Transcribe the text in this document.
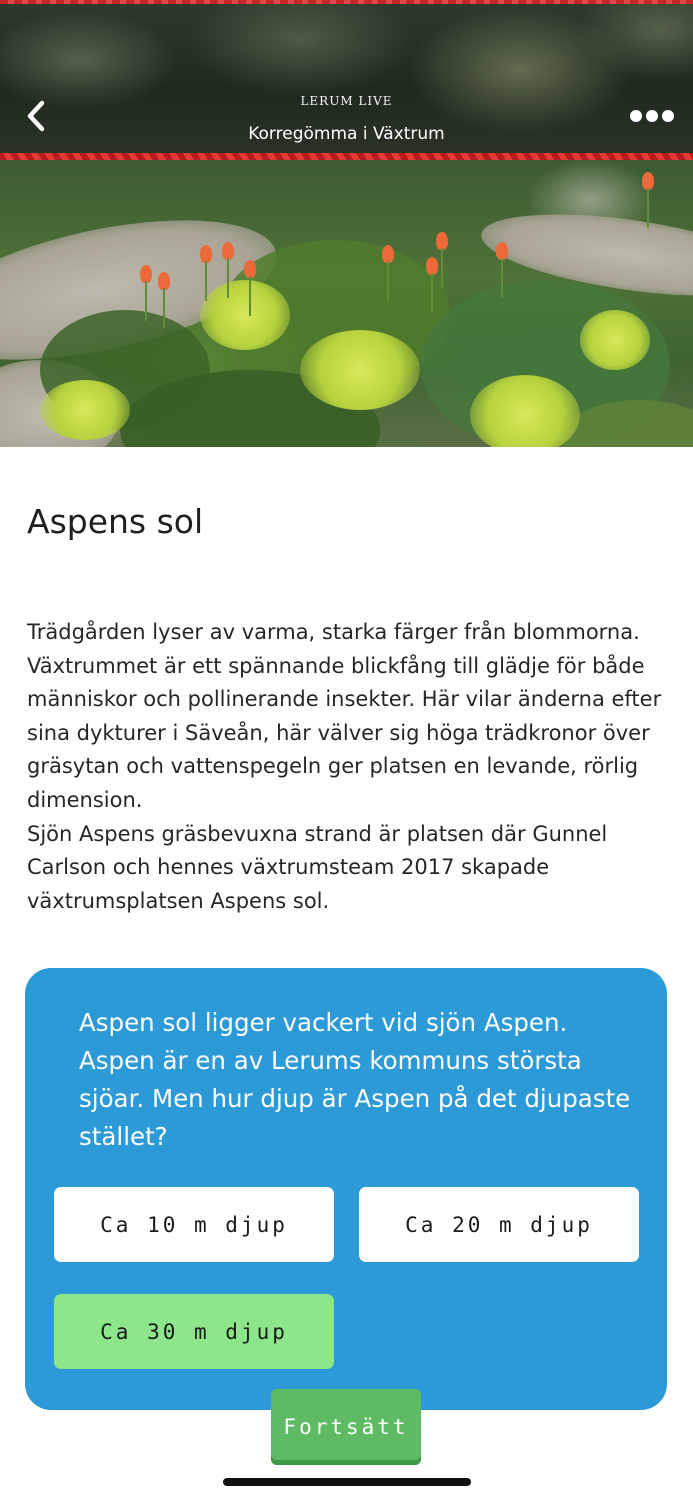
LERUM LIVE
Korregömma i Växtrum
Aspens sol

Trädgården lyser av varma, starka färger från blommorna. Växtrummet är ett spännande blickfång till glädje för både människor och pollinerande insekter. Här vilar änderna efter sina dykturer i Säveån, här välver sig höga trädkronor över gräsytan och vattenspegeln ger platsen en levande, rörlig dimension.

Sjön Aspens gräsbevuxna strand är platsen där Gunnel Carlson och hennes växtrumsteam 2017 skapade växtrumsplatsen Aspens sol.

Aspen sol ligger vackert vid sjön Aspen. Aspen är en av Lerums kommuns största sjöar. Men hur djup är Aspen på det djupaste stället?

Ca 10 m djup	Ca 20 m djup
Ca 30 m djup
Fortsätt
